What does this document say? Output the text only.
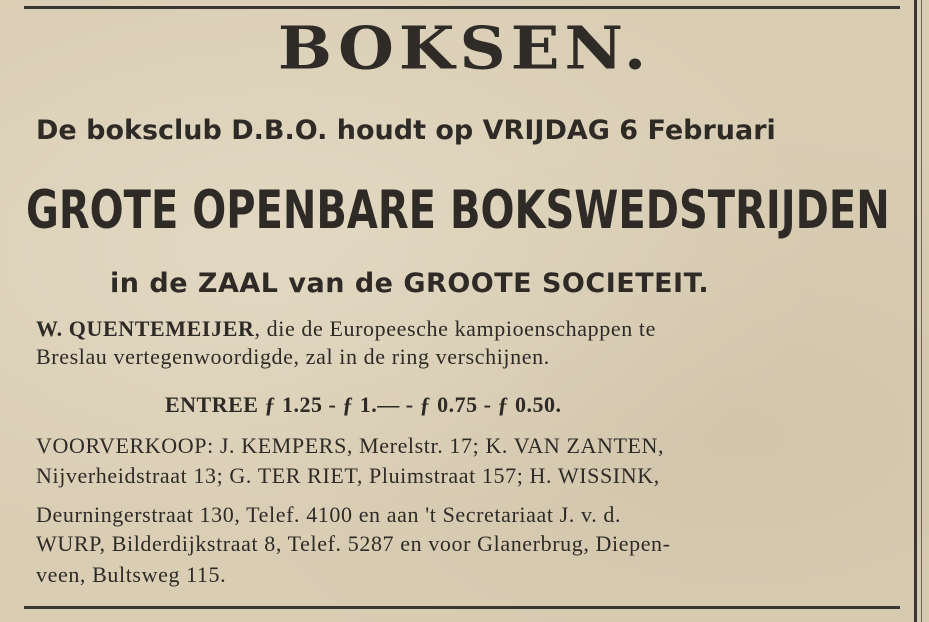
BOKSEN.
De boksclub D.B.O. houdt op VRIJDAG 6 Februari
GROTE OPENBARE BOKSWEDSTRIJDEN
in de ZAAL van de GROOTE SOCIETEIT.
W. QUENTEMEIJER, die de Europeesche kampioenschappen te
Breslau vertegenwoordigde, zal in de ring verschijnen.
ENTREE ƒ 1.25 - ƒ 1.— - ƒ 0.75 - ƒ 0.50.
VOORVERKOOP: J. KEMPERS, Merelstr. 17; K. VAN ZANTEN,
Nijverheidstraat 13; G. TER RIET, Pluimstraat 157; H. WISSINK,
Deurningerstraat 130, Telef. 4100 en aan 't Secretariaat J. v. d.
WURP, Bilderdijkstraat 8, Telef. 5287 en voor Glanerbrug, Diepen-
veen, Bultsweg 115.
